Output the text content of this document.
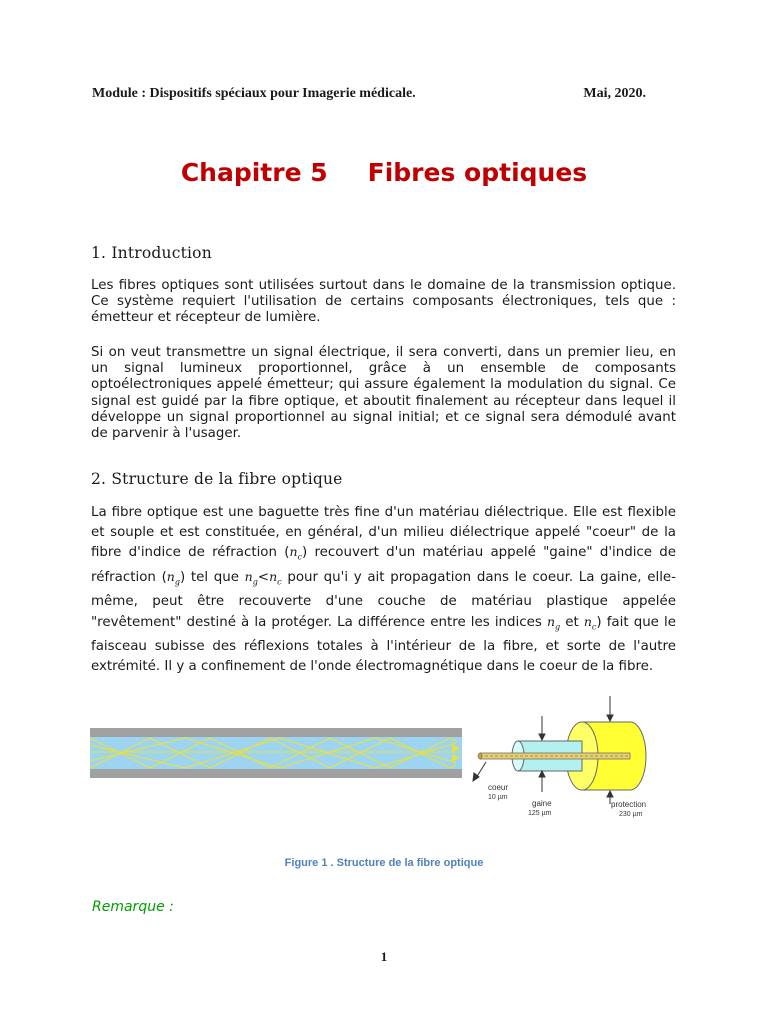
Module : Dispositifs spéciaux pour Imagerie médicale.	Mai, 2020.
Chapitre 5 Fibres optiques
1. Introduction

Les fibres optiques sont utilisées surtout dans le domaine de la transmission optique. Ce système requiert l'utilisation de certains composants électroniques, tels que : émetteur et récepteur de lumière.

Si on veut transmettre un signal électrique, il sera converti, dans un premier lieu, en un signal lumineux proportionnel, grâce à un ensemble de composants optoélectroniques appelé émetteur; qui assure également la modulation du signal. Ce signal est guidé par la fibre optique, et aboutit finalement au récepteur dans lequel il développe un signal proportionnel au signal initial; et ce signal sera démodulé avant de parvenir à l'usager.

2. Structure de la fibre optique

La fibre optique est une baguette très fine d'un matériau diélectrique. Elle est flexible et souple et est constituée, en général, d'un milieu diélectrique appelé "coeur" de la fibre d'indice de réfraction $(n_c)$ recouvert d'un matériau appelé "gaine" d'indice de réfraction $(n_g)$ tel que $n_g<n_c$ pour qu'i y ait propagation dans le coeur. La gaine, elle-même, peut être recouverte d'une couche de matériau plastique appelée "revêtement" destiné à la protéger. La différence entre les indices $n_g$ et $n_c$) fait que le faisceau subisse des réflexions totales à l'intérieur de la fibre, et sorte de l'autre extrémité. Il y a confinement de l'onde électromagnétique dans le coeur de la fibre.

coeur
10 µm
gaine
125 µm
protection
230 µm
Figure 1 . Structure de la fibre optique
Remarque :
1
